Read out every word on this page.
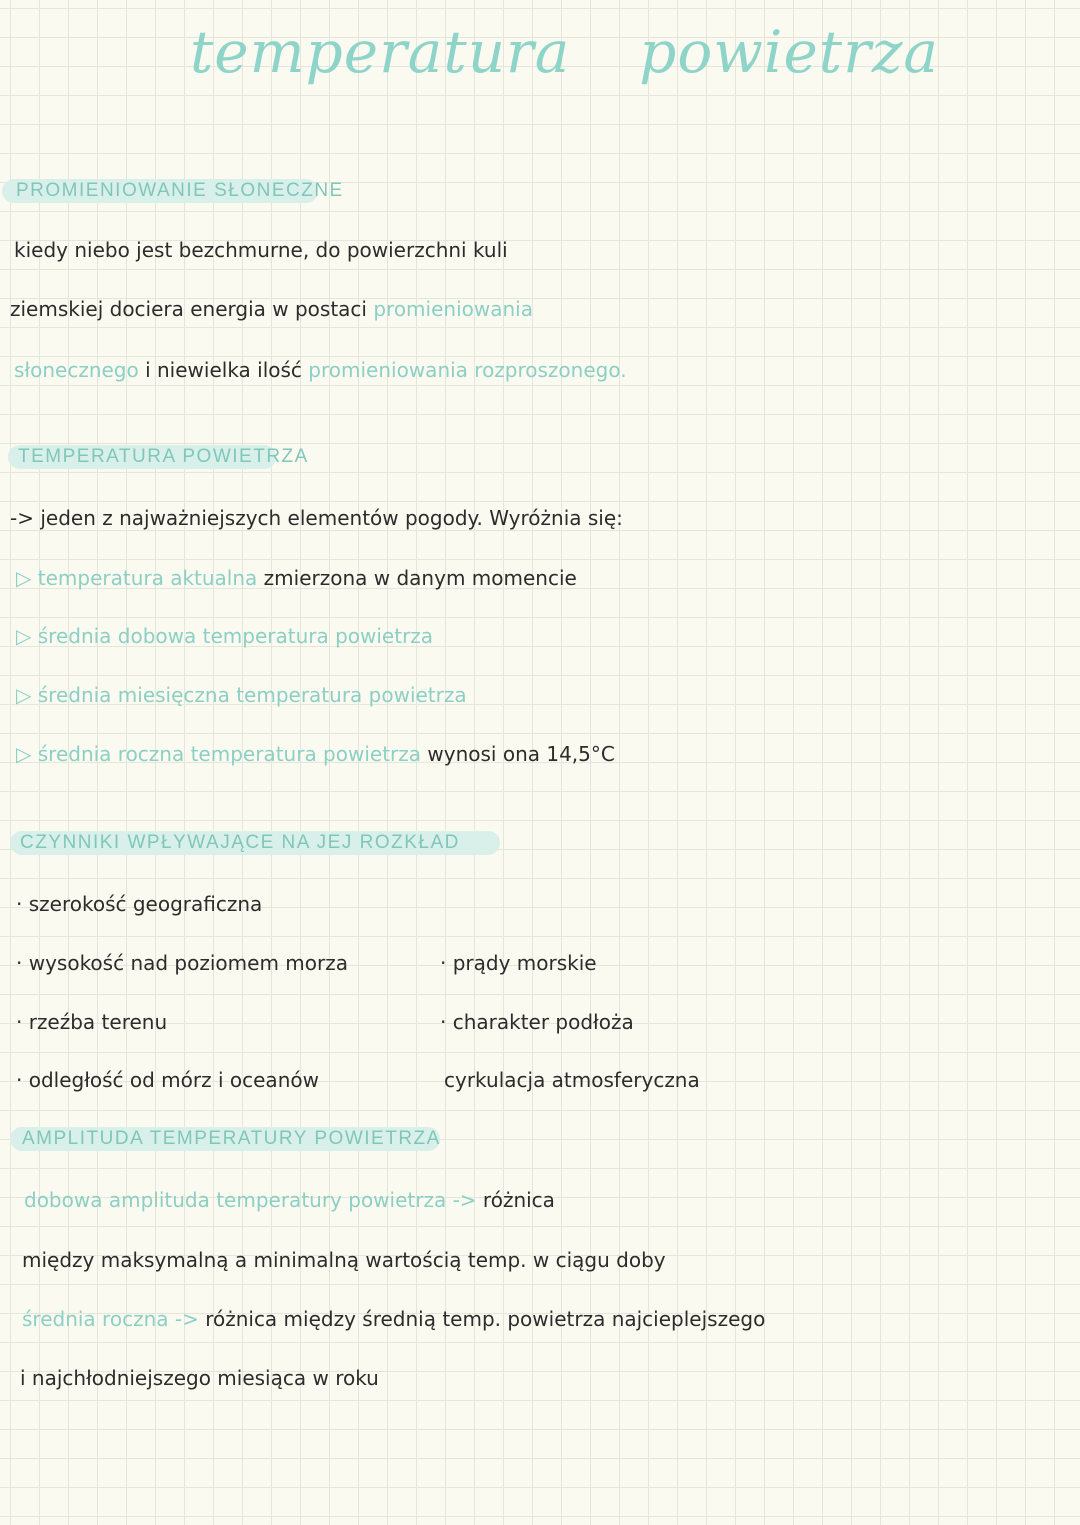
temperatura powietrza
PROMIENIOWANIE SŁONECZNE
kiedy niebo jest bezchmurne, do powierzchni kuli
ziemskiej dociera energia w postaci promieniowania
słonecznego i niewielka ilość promieniowania rozproszonego.
TEMPERATURA POWIETRZA
-> jeden z najważniejszych elementów pogody. Wyróżnia się:
▷ temperatura aktualna zmierzona w danym momencie
▷ średnia dobowa temperatura powietrza
▷ średnia miesięczna temperatura powietrza
▷ średnia roczna temperatura powietrza wynosi ona 14,5°C
CZYNNIKI WPŁYWAJĄCE NA JEJ ROZKŁAD
· szerokość geograficzna
· wysokość nad poziomem morza
· rzeźba terenu
· odległość od mórz i oceanów
· prądy morskie
· charakter podłoża
cyrkulacja atmosferyczna
AMPLITUDA TEMPERATURY POWIETRZA
dobowa amplituda temperatury powietrza -> różnica
między maksymalną a minimalną wartością temp. w ciągu doby
średnia roczna -> różnica między średnią temp. powietrza najcieplejszego
i najchłodniejszego miesiąca w roku
